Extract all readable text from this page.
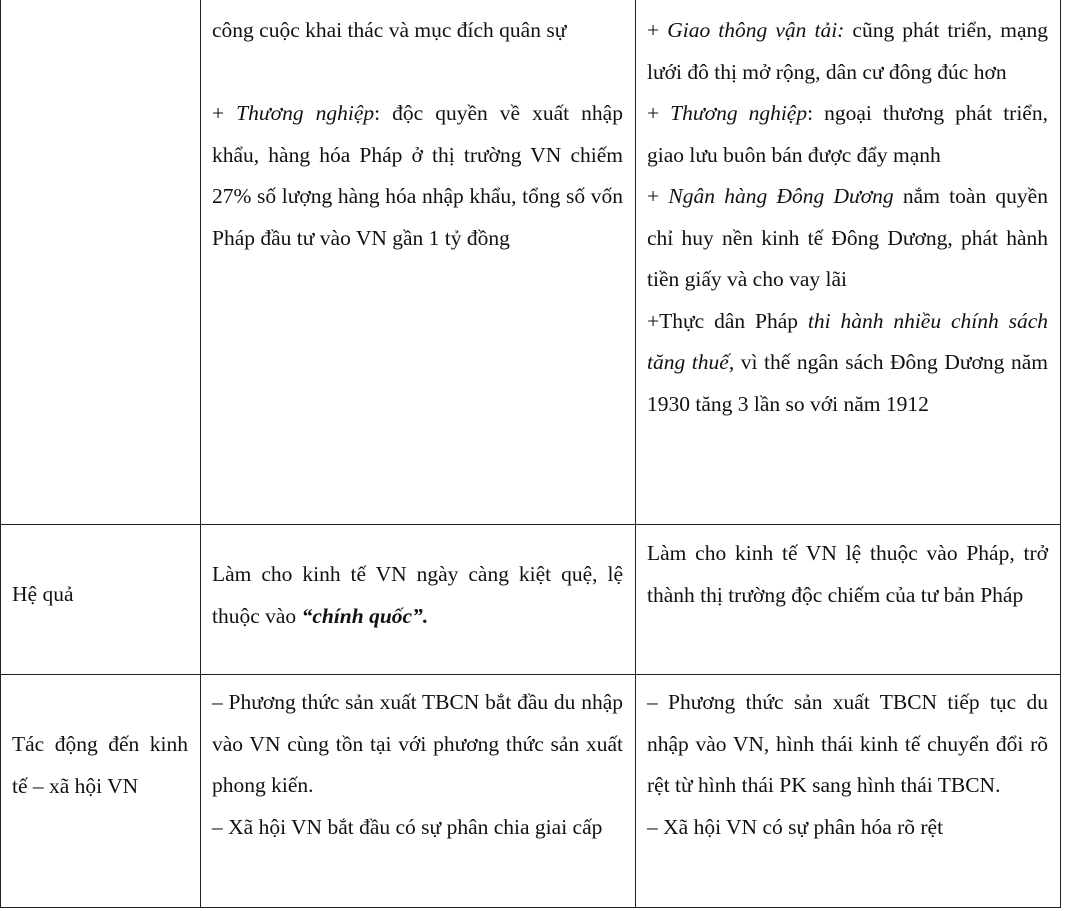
công cuộc khai thác và mục đích quân sự

+ Thương nghiệp: độc quyền về xuất nhập khẩu, hàng hóa Pháp ở thị trường VN chiếm 27% số lượng hàng hóa nhập khẩu, tổng số vốn Pháp đầu tư vào VN gần 1 tỷ đồng

+ Giao thông vận tải: cũng phát triển, mạng lưới đô thị mở rộng, dân cư đông đúc hơn

+ Thương nghiệp: ngoại thương phát triển, giao lưu buôn bán được đẩy mạnh

+ Ngân hàng Đông Dương nắm toàn quyền chỉ huy nền kinh tế Đông Dương, phát hành tiền giấy và cho vay lãi

+Thực dân Pháp thi hành nhiều chính sách tăng thuế, vì thế ngân sách Đông Dương năm 1930 tăng 3 lần so với năm 1912

Hệ quả

Làm cho kinh tế VN ngày càng kiệt quệ, lệ thuộc vào “chính quốc”.

Làm cho kinh tế VN lệ thuộc vào Pháp, trở thành thị trường độc chiếm của tư bản Pháp

Tác động đến kinh tế – xã hội VN

– Phương thức sản xuất TBCN bắt đầu du nhập vào VN cùng tồn tại với phương thức sản xuất phong kiến.

– Xã hội VN bắt đầu có sự phân chia giai cấp

– Phương thức sản xuất TBCN tiếp tục du nhập vào VN, hình thái kinh tế chuyển đổi rõ rệt từ hình thái PK sang hình thái TBCN.

– Xã hội VN có sự phân hóa rõ rệt
